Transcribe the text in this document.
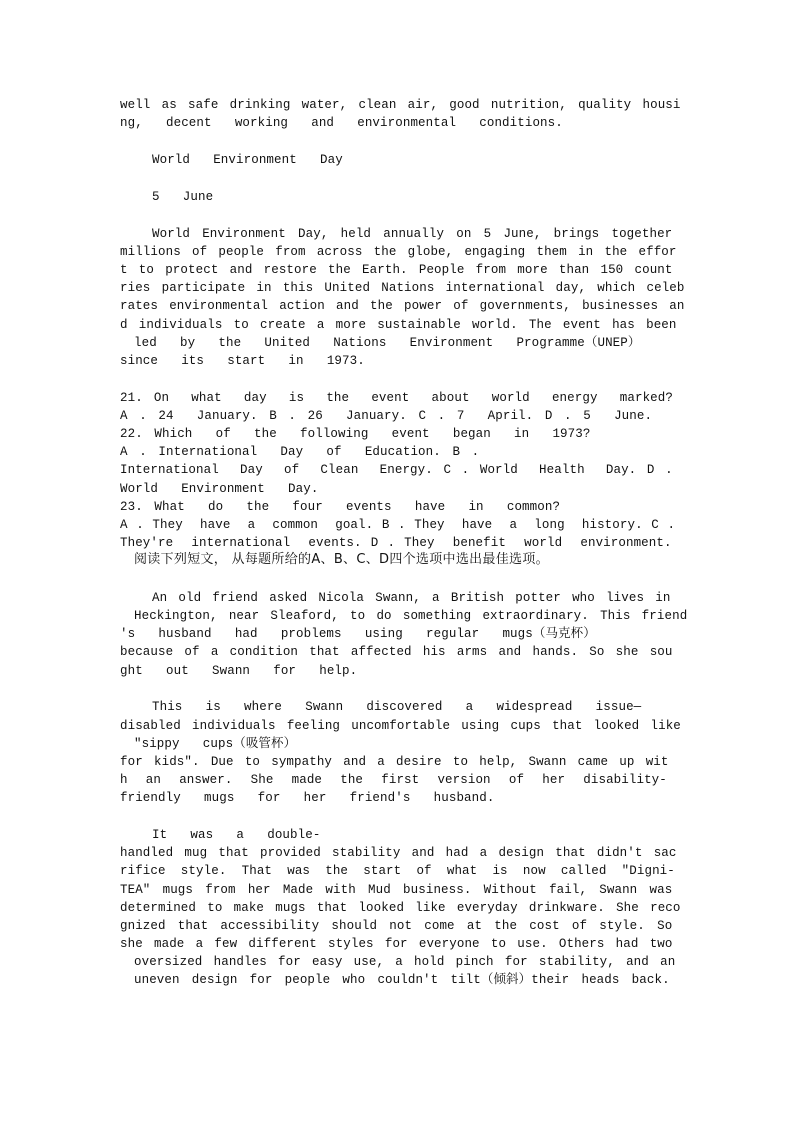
well  as  safe  drinking  water,  clean  air,  good  nutrition,  quality  housi
ng,  decent  working  and  environmental  conditions.
World  Environment  Day
5  June
World  Environment  Day,  held  annually  on  5  June,  brings  together
millions  of  people  from  across  the  globe,  engaging  them  in  the  effor
t  to  protect  and  restore  the  Earth.  People  from  more  than  150  count
ries  participate  in  this  United  Nations  international  day,  which  celeb
rates  environmental  action  and  the  power  of  governments,  businesses  an
d  individuals  to  create  a  more  sustainable  world.  The  event  has  been
led  by  the  United  Nations  Environment  Programme（UNEP）
since  its  start  in  1973.
21. On  what  day  is  the  event  about  world  energy  marked?
A . 24  January. B . 26  January. C . 7  April. D . 5  June.
22. Which  of  the  following  event  began  in  1973?
A . International  Day  of  Education. B .
International  Day  of  Clean  Energy. C . World  Health  Day. D .
World  Environment  Day.
23. What  do  the  four  events  have  in  common?
A . They  have  a  common  goal. B . They  have  a  long  history. C .
They're  international  events. D . They  benefit  world  environment.
阅读下列短文， 从每题所给的A、B、C、D四个选项中选出最佳选项。
An  old  friend  asked  Nicola  Swann,  a  British  potter  who  lives  in
Heckington,  near  Sleaford,  to  do  something  extraordinary.  This  friend
's  husband  had  problems  using  regular  mugs（马克杯）
because  of  a  condition  that  affected  his  arms  and  hands.  So  she  sou
ght  out  Swann  for  help.
This  is  where  Swann  discovered  a  widespread  issue—
disabled  individuals  feeling  uncomfortable  using  cups  that  looked  like
"sippy  cups（吸管杯）
for  kids".  Due  to  sympathy  and  a  desire  to  help,  Swann  came  up  wit
h  an  answer.  She  made  the  first  version  of  her  disability-
friendly  mugs  for  her  friend's  husband.
It  was  a  double-
handled  mug  that  provided  stability  and  had  a  design  that  didn't  sac
rifice  style.  That  was  the  start  of  what  is  now  called  "Digni-
TEA"  mugs  from  her  Made  with  Mud  business.  Without  fail,  Swann  was
determined  to  make  mugs  that  looked  like  everyday  drinkware.  She  reco
gnized  that  accessibility  should  not  come  at  the  cost  of  style.  So
she  made  a  few  different  styles  for  everyone  to  use.  Others  had  two
oversized  handles  for  easy  use,  a  hold  pinch  for  stability,  and  an
uneven  design  for  people  who  couldn't  tilt（倾斜）their  heads  back.
